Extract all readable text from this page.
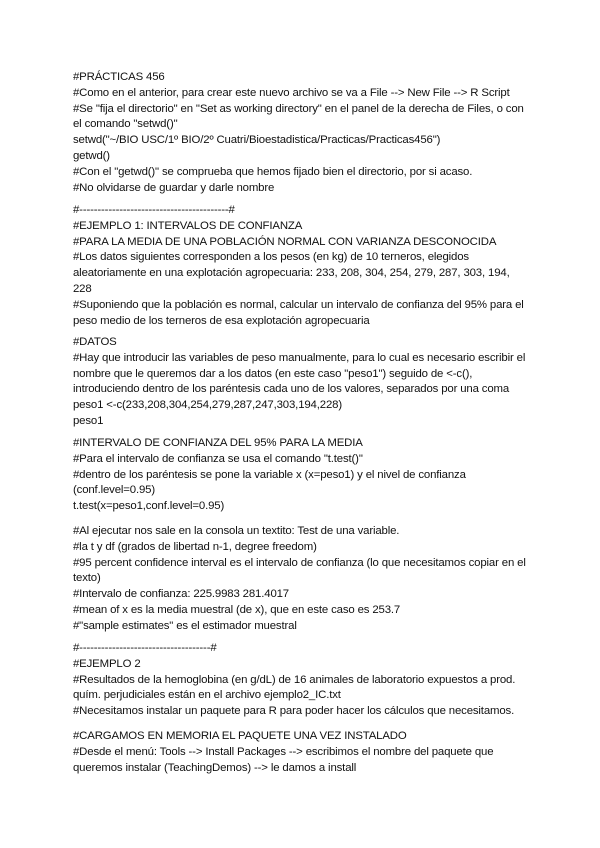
#PRÁCTICAS 456
#Como en el anterior, para crear este nuevo archivo se va a File --> New File --> R Script
#Se "fija el directorio" en "Set as working directory" en el panel de la derecha de Files, o con
el comando "setwd()"
setwd("~/BIO USC/1º BIO/2º Cuatri/Bioestadistica/Practicas/Practicas456")
getwd()
#Con el "getwd()" se comprueba que hemos fijado bien el directorio, por si acaso.
#No olvidarse de guardar y darle nombre
#-----------------------------------------#
#EJEMPLO 1: INTERVALOS DE CONFIANZA
#PARA LA MEDIA DE UNA POBLACIÓN NORMAL CON VARIANZA DESCONOCIDA
#Los datos siguientes corresponden a los pesos (en kg) de 10 terneros, elegidos
aleatoriamente en una explotación agropecuaria: 233, 208, 304, 254, 279, 287, 303, 194,
228
#Suponiendo que la población es normal, calcular un intervalo de confianza del 95% para el
peso medio de los terneros de esa explotación agropecuaria
#DATOS
#Hay que introducir las variables de peso manualmente, para lo cual es necesario escribir el
nombre que le queremos dar a los datos (en este caso "peso1") seguido de <-c(),
introduciendo dentro de los paréntesis cada uno de los valores, separados por una coma
peso1 <-c(233,208,304,254,279,287,247,303,194,228)
peso1
#INTERVALO DE CONFIANZA DEL 95% PARA LA MEDIA
#Para el intervalo de confianza se usa el comando "t.test()"
#dentro de los paréntesis se pone la variable x (x=peso1) y el nivel de confianza
(conf.level=0.95)
t.test(x=peso1,conf.level=0.95)
#Al ejecutar nos sale en la consola un textito: Test de una variable.
#la t y df (grados de libertad n-1, degree freedom)
#95 percent confidence interval es el intervalo de confianza (lo que necesitamos copiar en el
texto)
#Intervalo de confianza: 225.9983 281.4017
#mean of x es la media muestral (de x), que en este caso es 253.7
#"sample estimates" es el estimador muestral
#------------------------------------#
#EJEMPLO 2
#Resultados de la hemoglobina (en g/dL) de 16 animales de laboratorio expuestos a prod.
quím. perjudiciales están en el archivo ejemplo2_IC.txt
#Necesitamos instalar un paquete para R para poder hacer los cálculos que necesitamos.
#CARGAMOS EN MEMORIA EL PAQUETE UNA VEZ INSTALADO
#Desde el menú: Tools --> Install Packages --> escribimos el nombre del paquete que
queremos instalar (TeachingDemos) --> le damos a install
